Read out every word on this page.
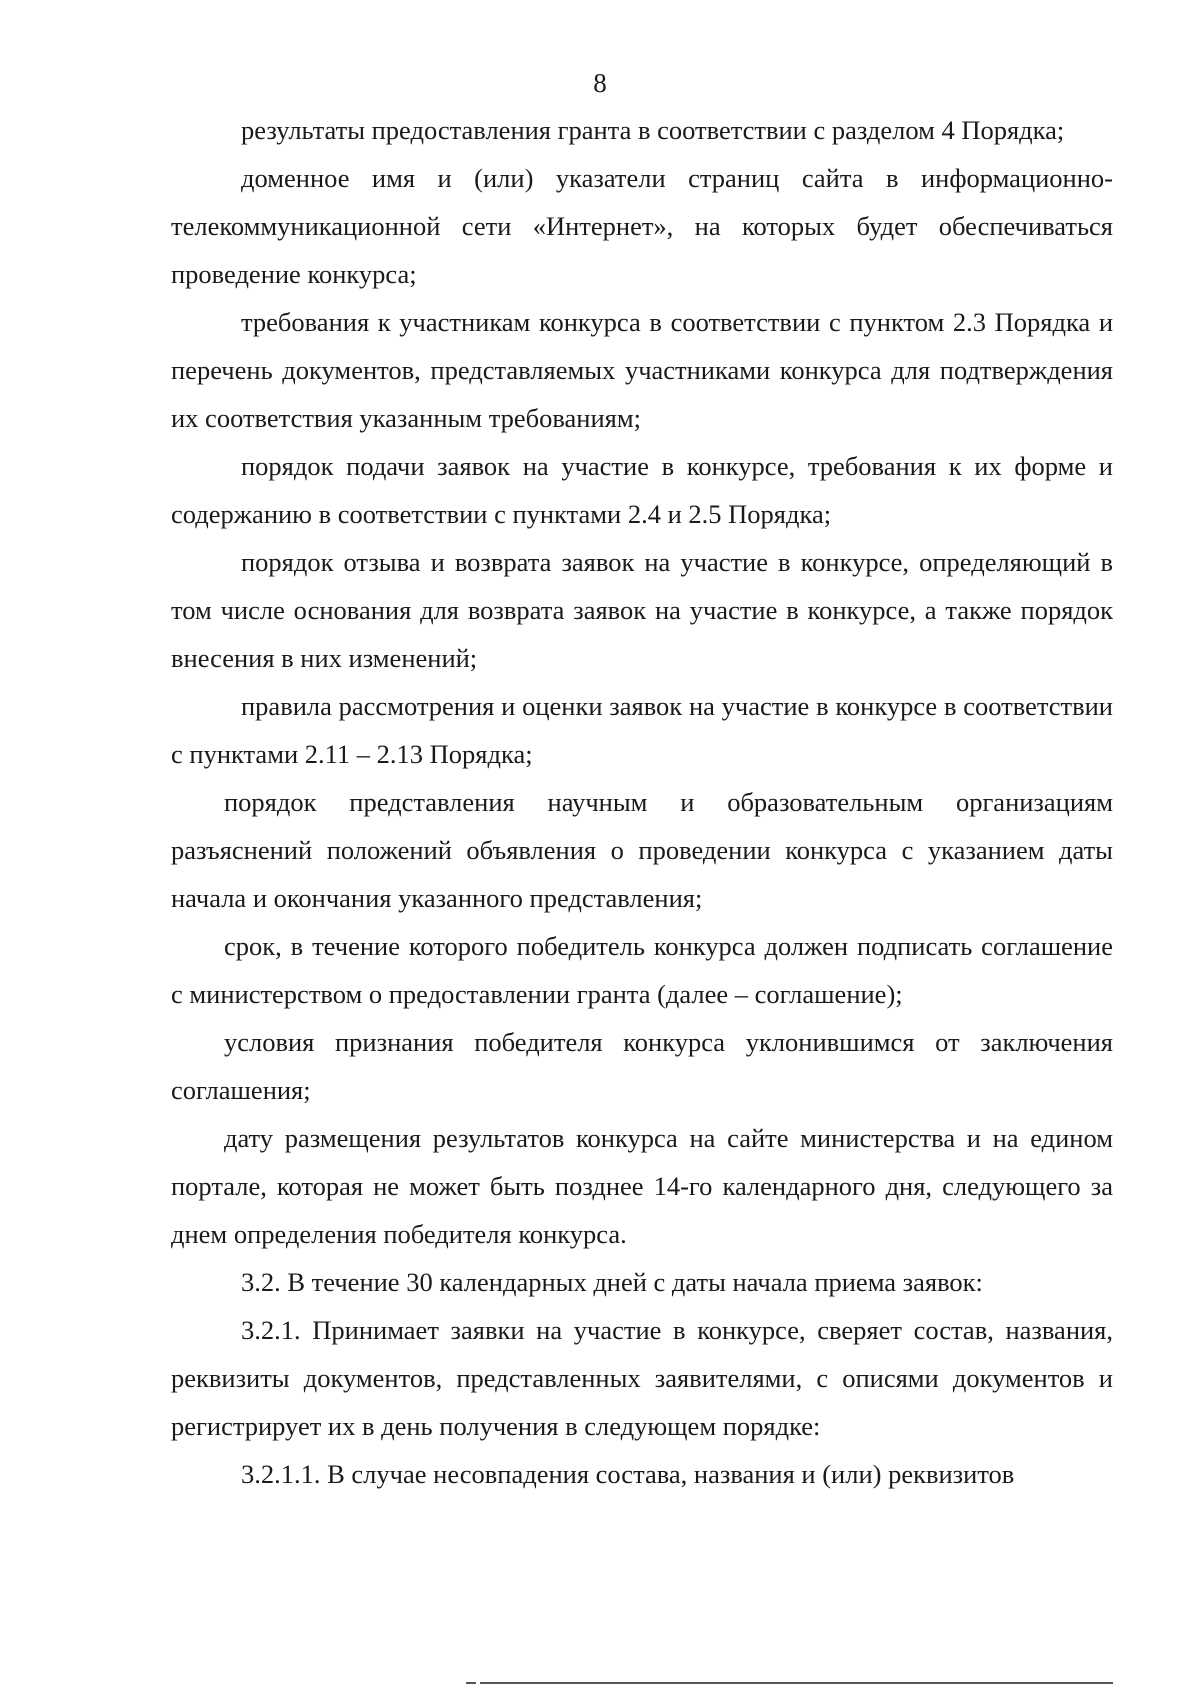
8

результаты предоставления гранта в соответствии с разделом 4 Порядка;

доменное имя и (или) указатели страниц сайта в информационно-телекоммуникационной сети «Интернет», на которых будет обеспечиваться проведение конкурса;

требования к участникам конкурса в соответствии с пунктом 2.3 Порядка и перечень документов, представляемых участниками конкурса для подтверждения их соответствия указанным требованиям;

порядок подачи заявок на участие в конкурсе, требования к их форме и содержанию в соответствии с пунктами 2.4 и 2.5 Порядка;

порядок отзыва и возврата заявок на участие в конкурсе, определяющий в том числе основания для возврата заявок на участие в конкурсе, а также порядок внесения в них изменений;

правила рассмотрения и оценки заявок на участие в конкурсе в соответствии с пунктами 2.11 – 2.13 Порядка;

порядок представления научным и образовательным организациям разъяснений положений объявления о проведении конкурса с указанием даты начала и окончания указанного представления;

срок, в течение которого победитель конкурса должен подписать соглашение с министерством о предоставлении гранта (далее – соглашение);

условия признания победителя конкурса уклонившимся от заключения соглашения;

дату размещения результатов конкурса на сайте министерства и на едином портале, которая не может быть позднее 14-го календарного дня, следующего за днем определения победителя конкурса.

3.2. В течение 30 календарных дней с даты начала приема заявок:

3.2.1. Принимает заявки на участие в конкурсе, сверяет состав, названия, реквизиты документов, представленных заявителями, с описями документов и регистрирует их в день получения в следующем порядке:

3.2.1.1. В случае несовпадения состава, названия и (или) реквизитов
